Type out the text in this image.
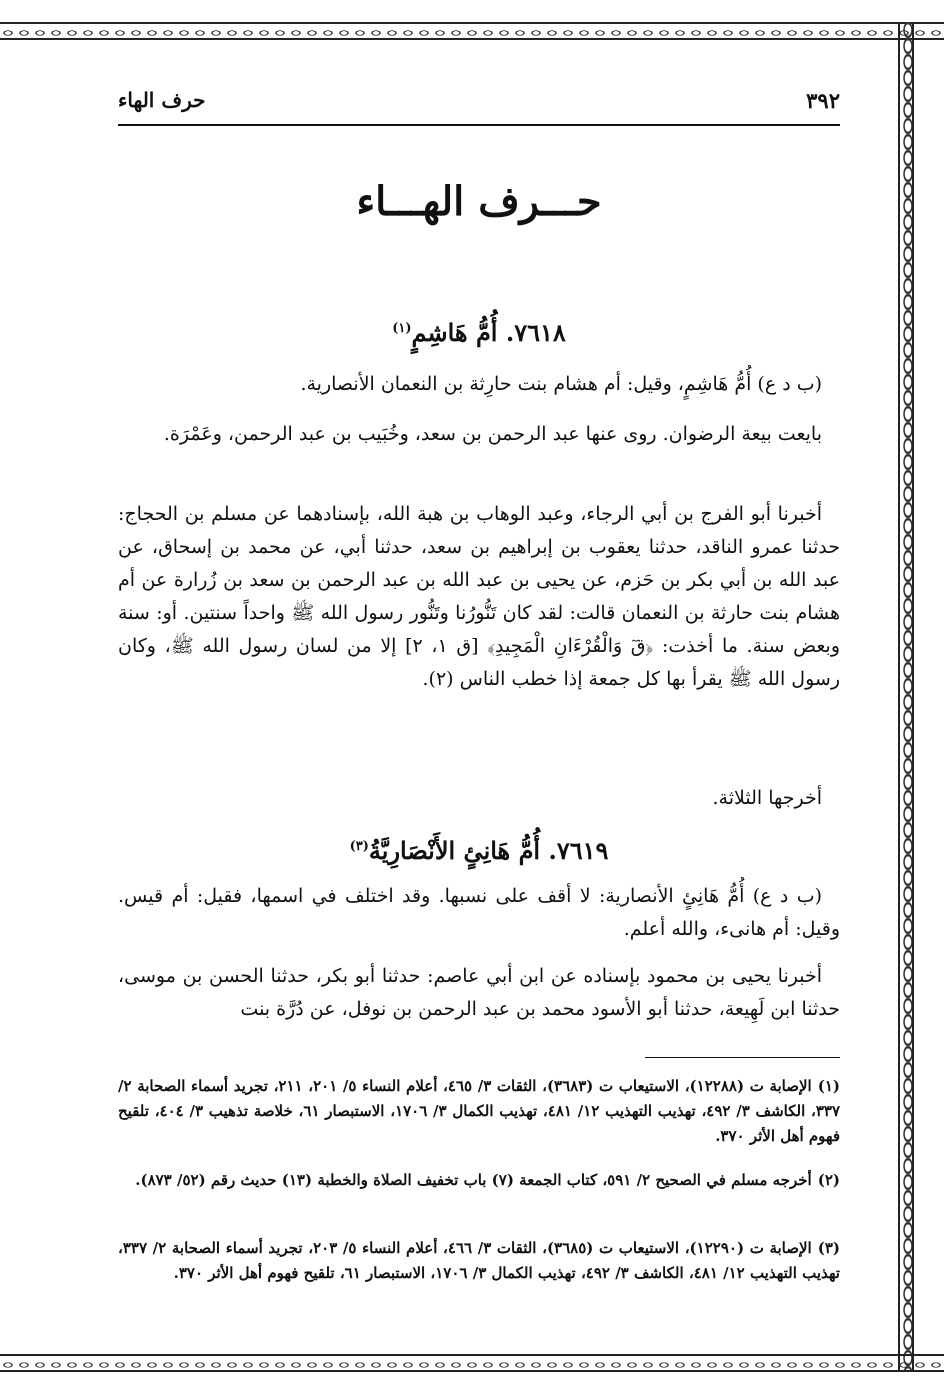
٣٩٢
حرف الهاء
حـــرف الهـــاء
٧٦١٨. أُمُّ هَاشِمٍ$^{(١)}$
(ب د ع) أُمُّ هَاشِمٍ، وقيل: أم هشام بنت حارِثة بن النعمان الأنصارية.
بايعت بيعة الرضوان. روى عنها عبد الرحمن بن سعد، وخُبَيب بن عبد الرحمن، وعَمْرَة.
أخبرنا أبو الفرج بن أبي الرجاء، وعبد الوهاب بن هبة الله، بإسنادهما عن مسلم بن الحجاج: حدثنا عمرو الناقد، حدثنا يعقوب بن إبراهيم بن سعد، حدثنا أبي، عن محمد بن إسحاق، عن عبد الله بن أبي بكر بن حَزم، عن يحيى بن عبد الله بن عبد الرحمن بن سعد بن زُرارة عن أم هشام بنت حارثة بن النعمان قالت: لقد كان تَنُّورُنا وتَنُّور رسول الله ﷺ واحداً سنتين. أو: سنة وبعض سنة. ما أخذت: ﴿قٓ وَالْقُرْءَانِ الْمَجِيدِ﴾ [ق ١، ٢] إلا من لسان رسول الله ﷺ، وكان رسول الله ﷺ يقرأ بها كل جمعة إذا خطب الناس (٢).
أخرجها الثلاثة.
٧٦١٩. أُمُّ هَانِئٍ الأَنْصَارِيَّةُ$^{(٣)}$
(ب د ع) أُمُّ هَانِئٍ الأنصارية: لا أقف على نسبها. وقد اختلف في اسمها، فقيل: أم قيس. وقيل: أم هانىء، والله أعلم.
أخبرنا يحيى بن محمود بإسناده عن ابن أبي عاصم: حدثنا أبو بكر، حدثنا الحسن بن موسى، حدثنا ابن لَهِيعة، حدثنا أبو الأسود محمد بن عبد الرحمن بن نوفل، عن دُرَّة بنت
(١)الإصابة ت (١٢٢٨٨)، الاستيعاب ت (٣٦٨٣)، الثقات ٣/ ٤٦٥، أعلام النساء ٥/ ٢٠١، ٢١١، تجريد أسماء الصحابة ٢/ ٣٣٧، الكاشف ٣/ ٤٩٢، تهذيب التهذيب ١٢/ ٤٨١، تهذيب الكمال ٣/ ١٧٠٦، الاستبصار ٦١، خلاصة تذهيب ٣/ ٤٠٤، تلقيح فهوم أهل الأثر ٣٧٠.
(٢)أخرجه مسلم في الصحيح ٢/ ٥٩١، كتاب الجمعة (٧) باب تخفيف الصلاة والخطبة (١٣) حديث رقم (٥٢/ ٨٧٣).
(٣)الإصابة ت (١٢٢٩٠)، الاستيعاب ت (٣٦٨٥)، الثقات ٣/ ٤٦٦، أعلام النساء ٥/ ٢٠٣، تجريد أسماء الصحابة ٢/ ٣٣٧، تهذيب التهذيب ١٢/ ٤٨١، الكاشف ٣/ ٤٩٢، تهذيب الكمال ٣/ ١٧٠٦، الاستبصار ٦١، تلقيح فهوم أهل الأثر ٣٧٠.
